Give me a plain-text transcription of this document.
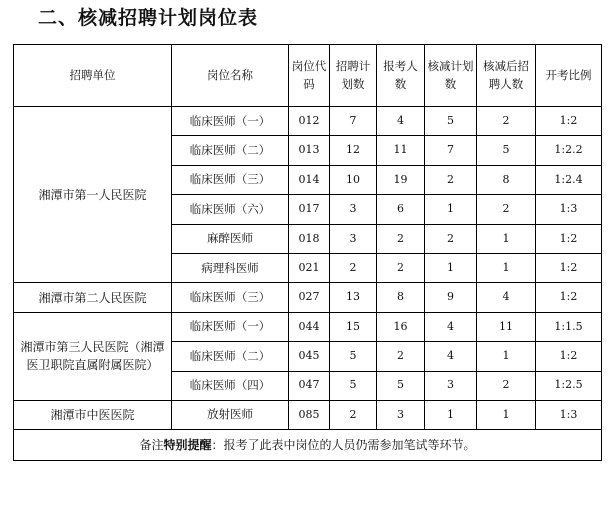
二、核减招聘计划岗位表
招聘单位	岗位名称	岗位代码	招聘计划数	报考人数	核减计划数	核减后招聘人数	开考比例
湘潭市第一人民医院	临床医师（一）	012	7	4	5	2	1:2
	临床医师（二）	013	12	11	7	5	1:2.2
	临床医师（三）	014	10	19	2	8	1:2.4
	临床医师（六）	017	3	6	1	2	1:3
	麻醉医师	018	3	2	2	1	1:2
	病理科医师	021	2	2	1	1	1:2
湘潭市第二人民医院	临床医师（三）	027	13	8	9	4	1:2
湘潭市第三人民医院（湘潭医卫职院直属附属医院）	临床医师（一）	044	15	16	4	11	1:1.5
	临床医师（二）	045	5	2	4	1	1:2
	临床医师（四）	047	5	5	3	2	1:2.5
湘潭市中医医院	放射医师	085	2	3	1	1	1:3
备注特别提醒：报考了此表中岗位的人员仍需参加笔试等环节。							
